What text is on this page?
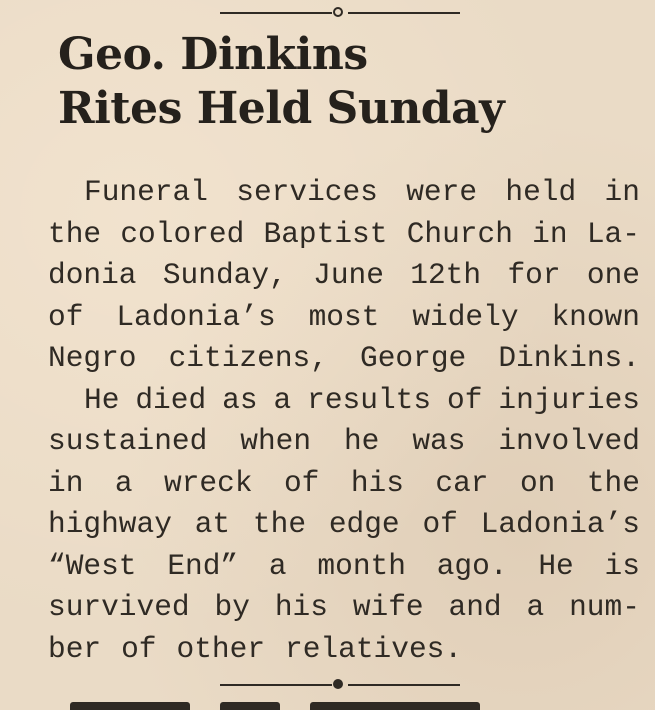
Geo. Dinkins
Rites Held Sunday
Funeral services were held in
the colored Baptist Church in La-
donia Sunday, June 12th for one
of Ladonia’s most widely known
Negro citizens, George Dinkins.
He died as a results of injuries
sustained when he was involved
in a wreck of his car on the
highway at the edge of Ladonia’s
“West End” a month ago. He is
survived by his wife and a num-
ber of other relatives.
